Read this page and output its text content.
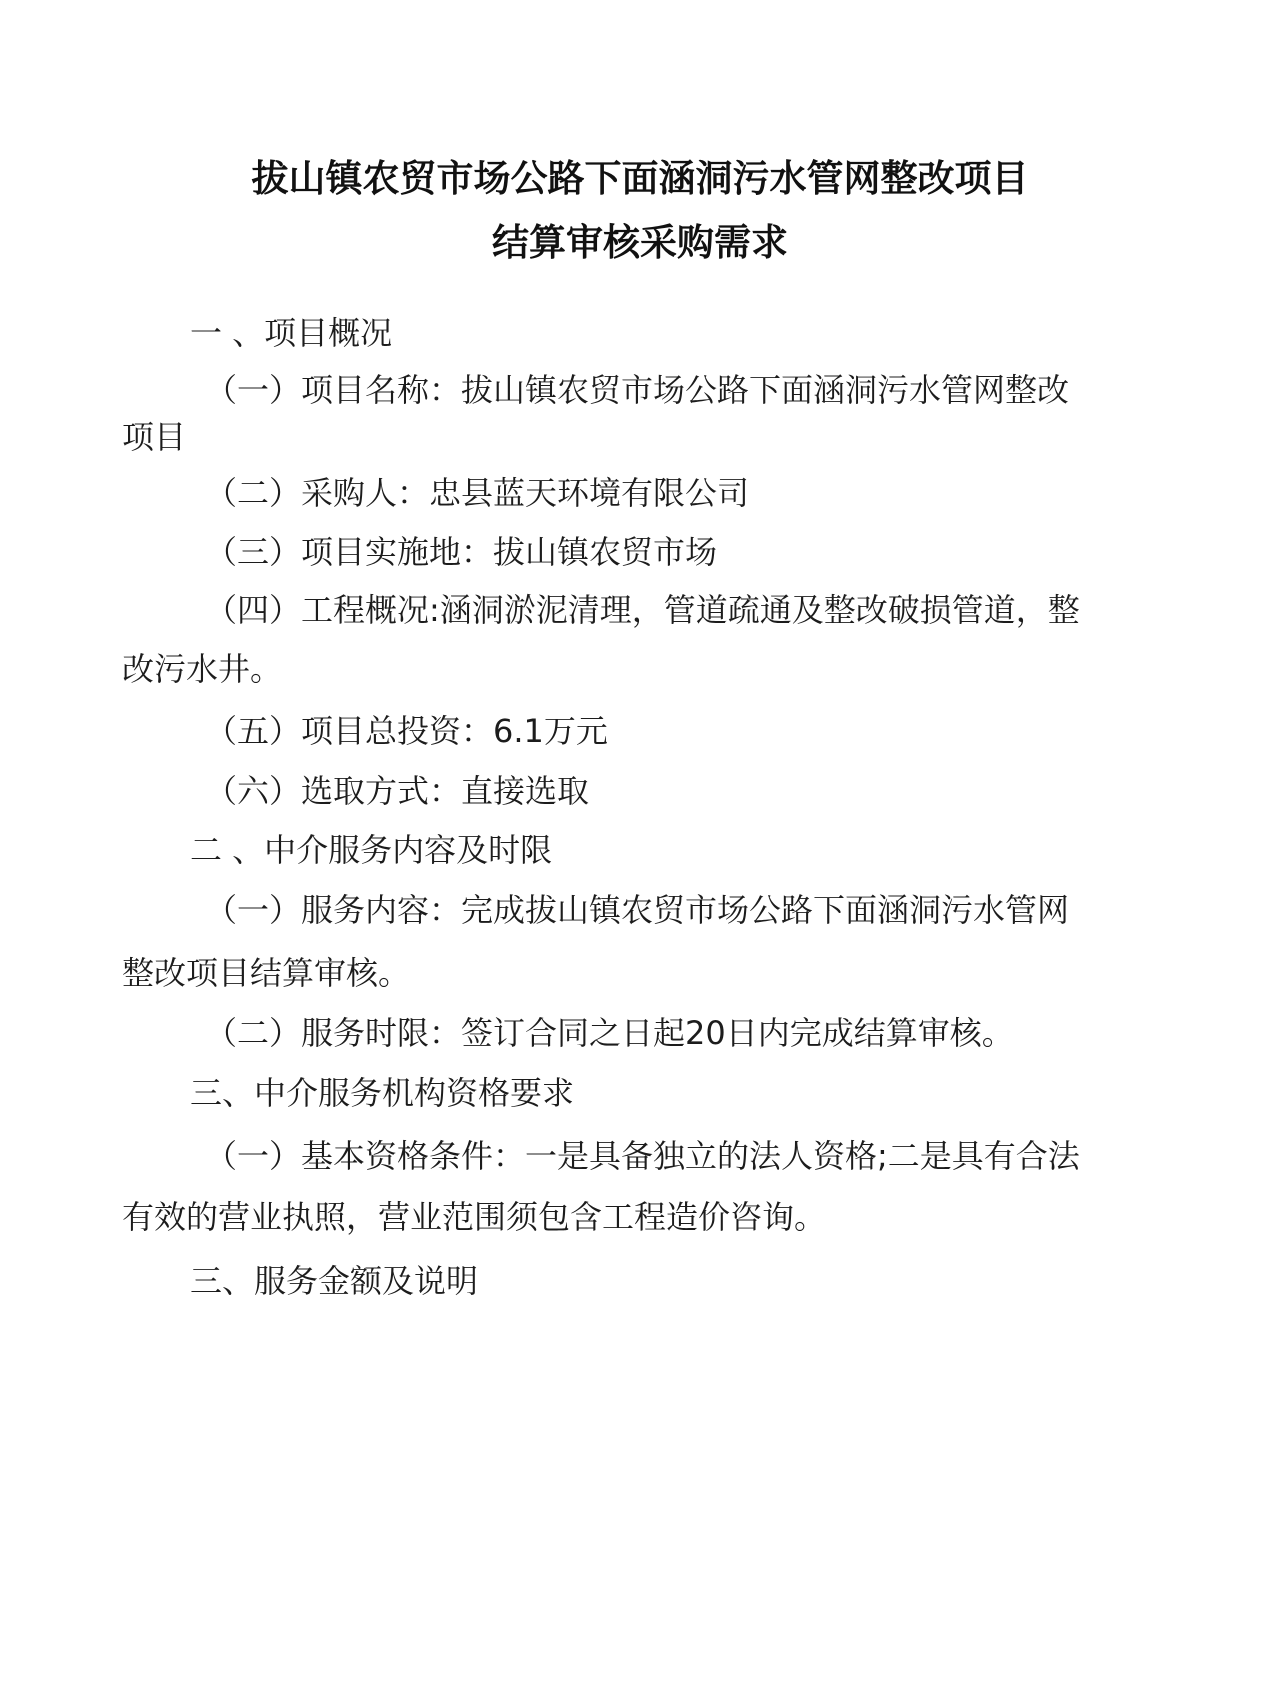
拔山镇农贸市场公路下面涵洞污水管网整改项目
结算审核采购需求
一 、项目概况
（一）项目名称：拔山镇农贸市场公路下面涵洞污水管网整改
项目
（二）采购人：忠县蓝天环境有限公司
（三）项目实施地：拔山镇农贸市场
（四）工程概况:涵洞淤泥清理，管道疏通及整改破损管道，整
改污水井。
（五）项目总投资：6.1万元
（六）选取方式：直接选取
二 、中介服务内容及时限
（一）服务内容：完成拔山镇农贸市场公路下面涵洞污水管网
整改项目结算审核。
（二）服务时限：签订合同之日起20日内完成结算审核。
三、中介服务机构资格要求
（一）基本资格条件：一是具备独立的法人资格;二是具有合法
有效的营业执照，营业范围须包含工程造价咨询。
三、服务金额及说明
